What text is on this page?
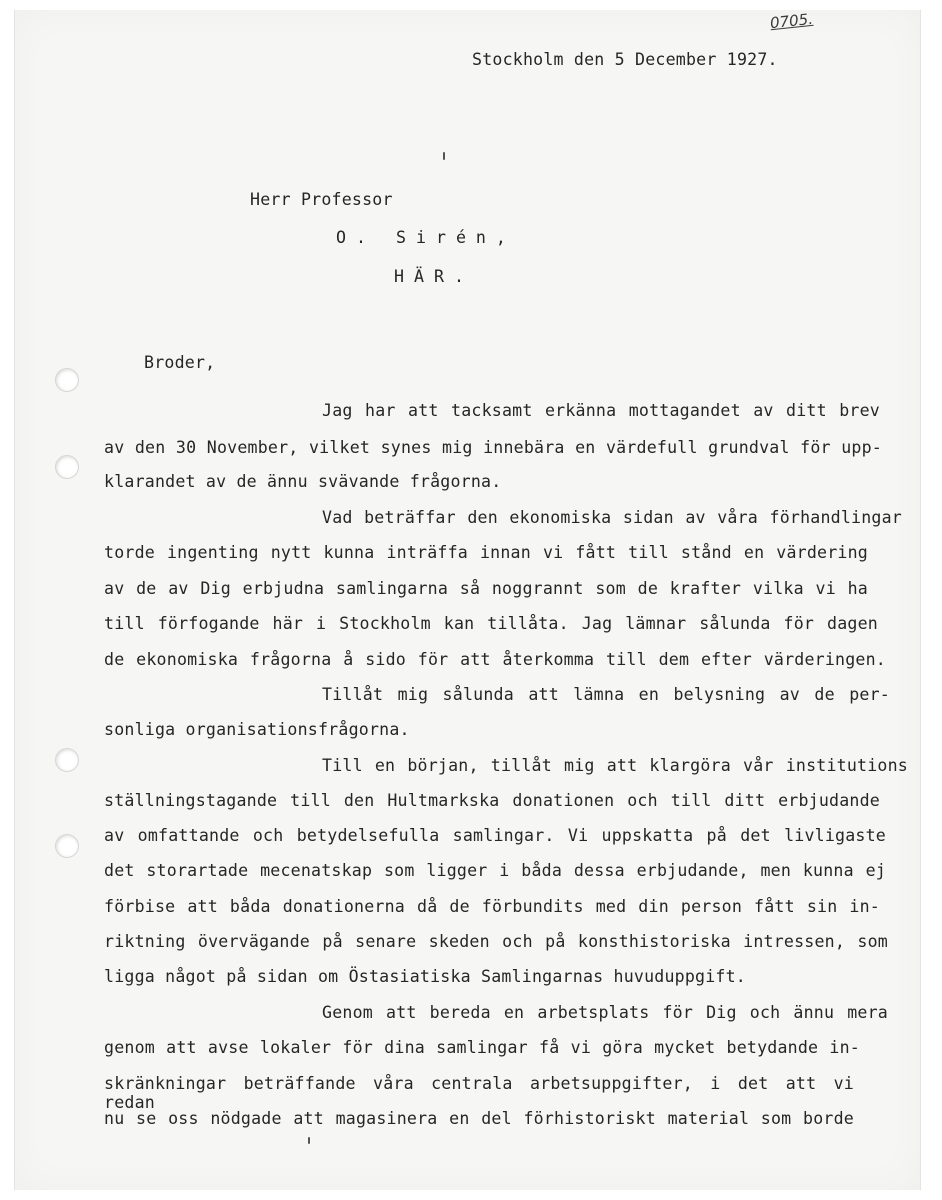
0705.

Stockholm den 5 December 1927.

Herr Professor

O. Sirén,

HÄR.

Broder,

Jag har att tacksamt erkänna mottagandet av ditt brev

av den 30 November, vilket synes mig innebära en värdefull grundval för upp-

klarandet av de ännu svävande frågorna.

Vad beträffar den ekonomiska sidan av våra förhandlingar

torde ingenting nytt kunna inträffa innan vi fått till stånd en värdering

av de av Dig erbjudna samlingarna så noggrannt som de krafter vilka vi ha

till förfogande här i Stockholm kan tillåta. Jag lämnar sålunda för dagen

de ekonomiska frågorna å sido för att återkomma till dem efter värderingen.

Tillåt mig sålunda att lämna en belysning av de per-

sonliga organisationsfrågorna.

Till en början, tillåt mig att klargöra vår institutions

ställningstagande till den Hultmarkska donationen och till ditt erbjudande

av omfattande och betydelsefulla samlingar. Vi uppskatta på det livligaste

det storartade mecenatskap som ligger i båda dessa erbjudande, men kunna ej

förbise att båda donationerna då de förbundits med din person fått sin in-

riktning övervägande på senare skeden och på konsthistoriska intressen, som

ligga något på sidan om Östasiatiska Samlingarnas huvuduppgift.

Genom att bereda en arbetsplats för Dig och ännu mera

genom att avse lokaler för dina samlingar få vi göra mycket betydande in-

skränkningar beträffande våra centrala arbetsuppgifter, i det att vi redan

nu se oss nödgade att magasinera en del förhistoriskt material som borde
